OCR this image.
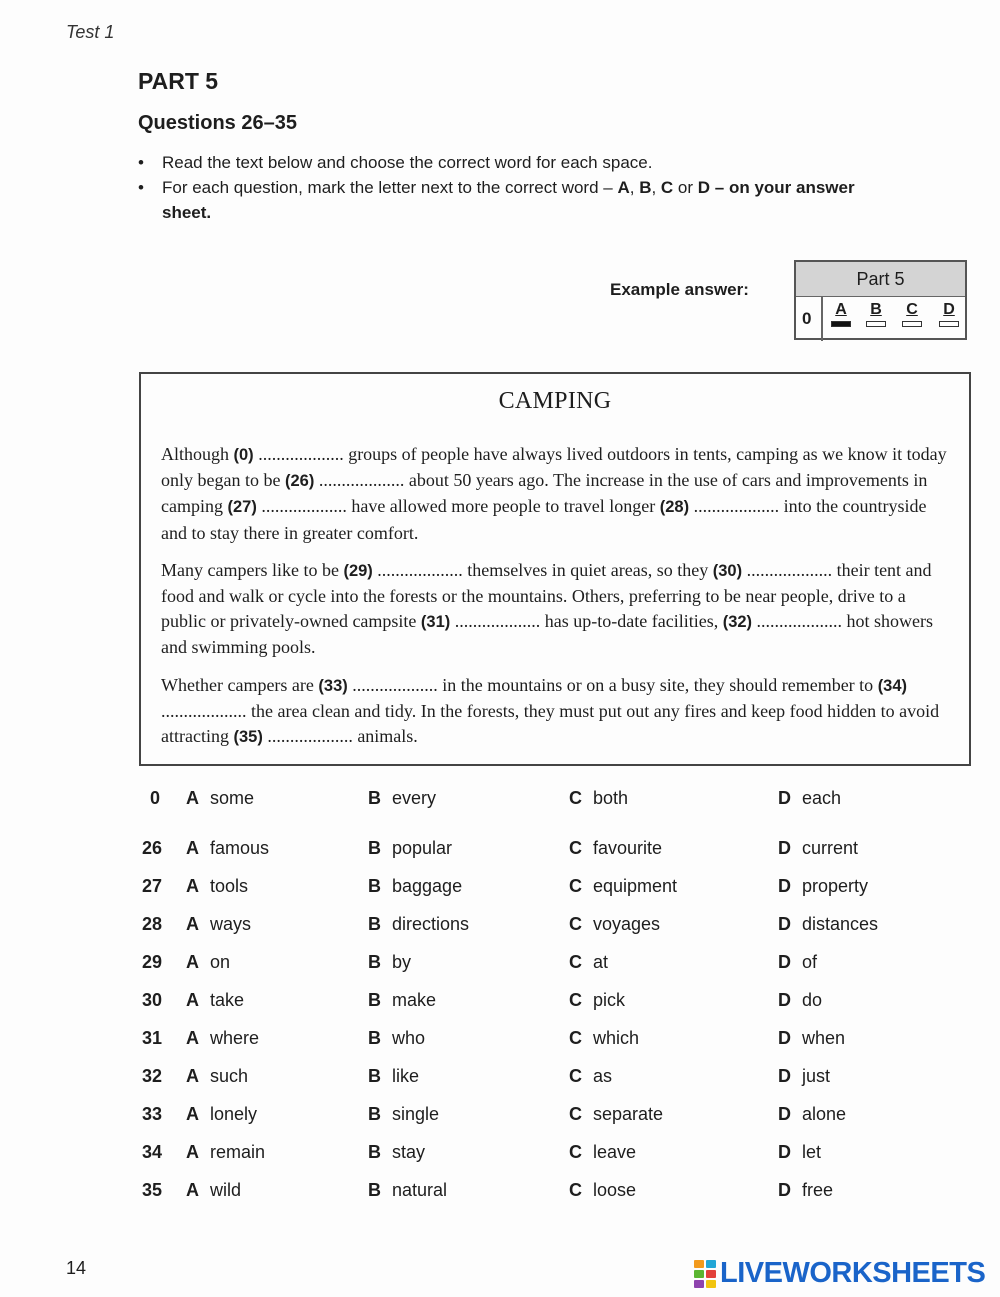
Test 1
PART 5
Questions 26–35
• Read the text below and choose the correct word for each space.
• For each question, mark the letter next to the correct word – A, B, C or D – on your answer sheet.
Example answer:
Part 5
0	A	B	C	D
CAMPING

Although (0) ................... groups of people have always lived outdoors in tents, camping as we know it today only began to be (26) ................... about 50 years ago. The increase in the use of cars and improvements in camping (27) ................... have allowed more people to travel longer (28) ................... into the countryside and to stay there in greater comfort.

Many campers like to be (29) ................... themselves in quiet areas, so they (30) ................... their tent and food and walk or cycle into the forests or the mountains. Others, preferring to be near people, drive to a public or privately-owned campsite (31) ................... has up-to-date facilities, (32) ................... hot showers and swimming pools.

Whether campers are (33) ................... in the mountains or on a busy site, they should remember to (34) ................... the area clean and tidy. In the forests, they must put out any fires and keep food hidden to avoid attracting (35) ................... animals.

0 A some	B every	C both	D each
26 A famous	B popular	C favourite	D current
27 A tools	B baggage	C equipment	D property
28 A ways	B directions	C voyages	D distances
29 A on	B by	C at	D of
30 A take	B make	C pick	D do
31 A where	B who	C which	D when
32 A such	B like	C as	D just
33 A lonely	B single	C separate	D alone
34 A remain	B stay	C leave	D let
35 A wild	B natural	C loose	D free
14	LIVEWORKSHEETS
